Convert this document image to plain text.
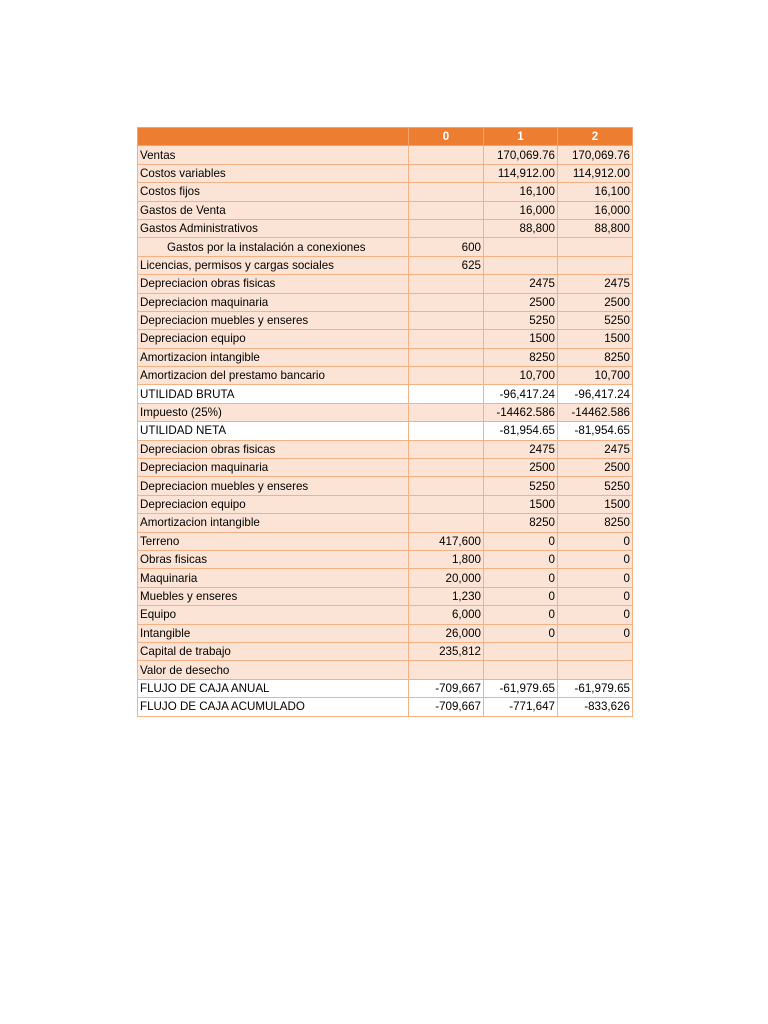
	0	1	2
Ventas		170,069.76	170,069.76
Costos variables		114,912.00	114,912.00
Costos fijos		16,100	16,100
Gastos de Venta		16,000	16,000
Gastos Administrativos		88,800	88,800
Gastos por la instalación a conexiones	600		
Licencias, permisos y cargas sociales	625		
Depreciacion obras fisicas		2475	2475
Depreciacion maquinaria		2500	2500
Depreciacion muebles y enseres		5250	5250
Depreciacion equipo		1500	1500
Amortizacion intangible		8250	8250
Amortizacion del prestamo bancario		10,700	10,700
UTILIDAD BRUTA		-96,417.24	-96,417.24
Impuesto (25%)		-14462.586	-14462.586
UTILIDAD NETA		-81,954.65	-81,954.65
Depreciacion obras fisicas		2475	2475
Depreciacion maquinaria		2500	2500
Depreciacion muebles y enseres		5250	5250
Depreciacion equipo		1500	1500
Amortizacion intangible		8250	8250
Terreno	417,600	0	0
Obras fisicas	1,800	0	0
Maquinaria	20,000	0	0
Muebles y enseres	1,230	0	0
Equipo	6,000	0	0
Intangible	26,000	0	0
Capital de trabajo	235,812		
Valor de desecho			
FLUJO DE CAJA ANUAL	-709,667	-61,979.65	-61,979.65
FLUJO DE CAJA ACUMULADO	-709,667	-771,647	-833,626
